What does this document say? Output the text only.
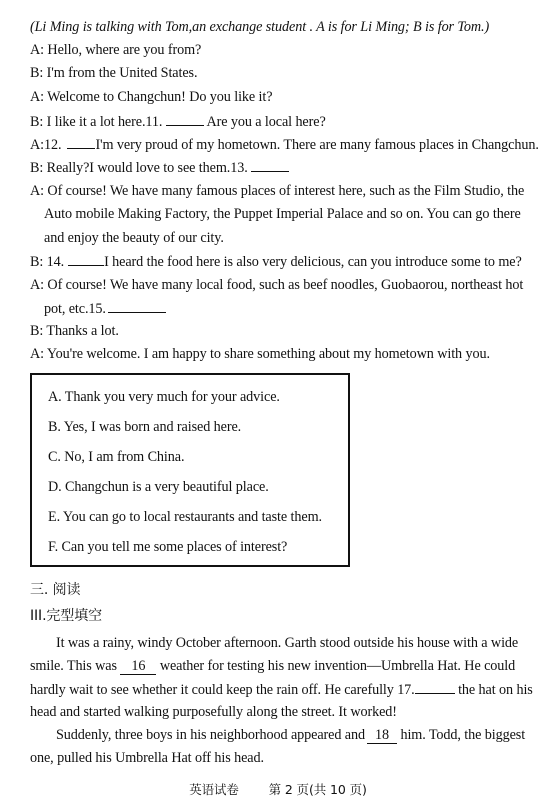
(Li Ming is talking with Tom,an exchange student . A is for Li Ming; B is for Tom.)
A: Hello, where are you from?
B: I'm from the United States.
A: Welcome to Changchun! Do you like it?
B: I like it a lot here.11.	Are you a local here?
A:12. I'm very proud of my hometown. There are many famous places in Changchun.
B: Really?I would love to see them.13.
A: Of course! We have many famous places of interest here, such as the Film Studio, the
Auto mobile Making Factory, the Puppet Imperial Palace and so on. You can go there
and enjoy the beauty of our city.
B: 14.	I heard the food here is also very delicious, can you introduce some to me?
A: Of course! We have many local food, such as beef noodles, Guobaorou, northeast hot
pot, etc.15.
B: Thanks a lot.
A: You're welcome. I am happy to share something about my hometown with you.
A. Thank you very much for your advice.
B. Yes, I was born and raised here.
C. No, I am from China.
D. Changchun is a very beautiful place.
E. You can go to local restaurants and taste them.
F. Can you tell me some places of interest?
三. 阅读
III.完型填空
It was a rainy, windy October afternoon. Garth stood outside his house with a wide
smile. This was 16 weather for testing his new invention—Umbrella Hat. He could
hardly wait to see whether it could keep the rain off. He carefully 17.	the hat on his
head and started walking purposefully along the street. It worked!
Suddenly, three boys in his neighborhood appeared and 18 him. Todd, the biggest
one, pulled his Umbrella Hat off his head.
英语试卷 第 2 页(共 10 页)
